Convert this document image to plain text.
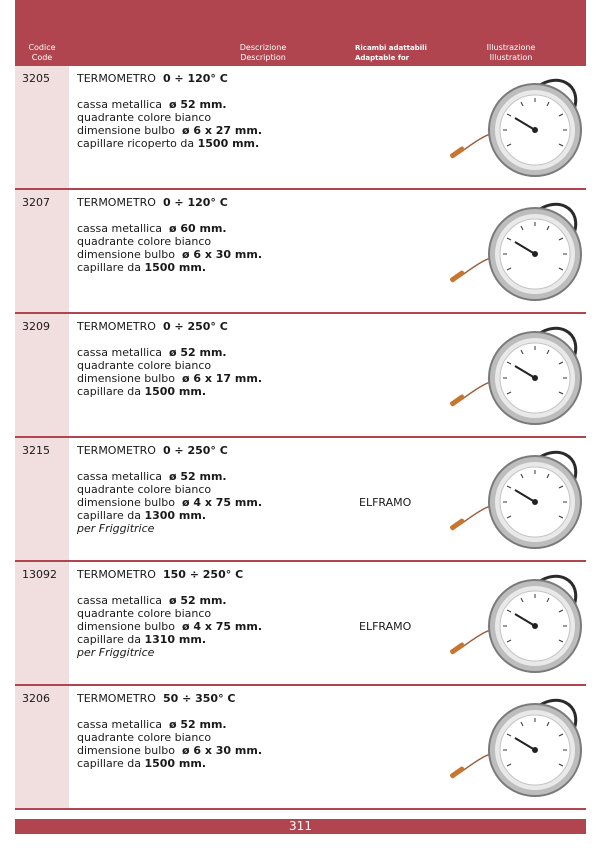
Codice
Code
Descrizione
Description
Ricambi adattabili
Adaptable for
Illustrazione
Illustration
3205 TERMOMETRO 0 ÷ 120° C
cassa metallica ø 52 mm.
quadrante colore bianco
dimensione bulbo ø 6 x 27 mm.
capillare ricoperto da 1500 mm.
3207 TERMOMETRO 0 ÷ 120° C
cassa metallica ø 60 mm.
quadrante colore bianco
dimensione bulbo ø 6 x 30 mm.
capillare da 1500 mm.
3209 TERMOMETRO 0 ÷ 250° C
cassa metallica ø 52 mm.
quadrante colore bianco
dimensione bulbo ø 6 x 17 mm.
capillare da 1500 mm.
3215 TERMOMETRO 0 ÷ 250° C
cassa metallica ø 52 mm.
quadrante colore bianco
dimensione bulbo ø 4 x 75 mm.
capillare da 1300 mm.
per Friggitrice
ELFRAMO
13092 TERMOMETRO 150 ÷ 250° C
cassa metallica ø 52 mm.
quadrante colore bianco
dimensione bulbo ø 4 x 75 mm.
capillare da 1310 mm.
per Friggitrice
ELFRAMO
3206 TERMOMETRO 50 ÷ 350° C
cassa metallica ø 52 mm.
quadrante colore bianco
dimensione bulbo ø 6 x 30 mm.
capillare da 1500 mm.
311
